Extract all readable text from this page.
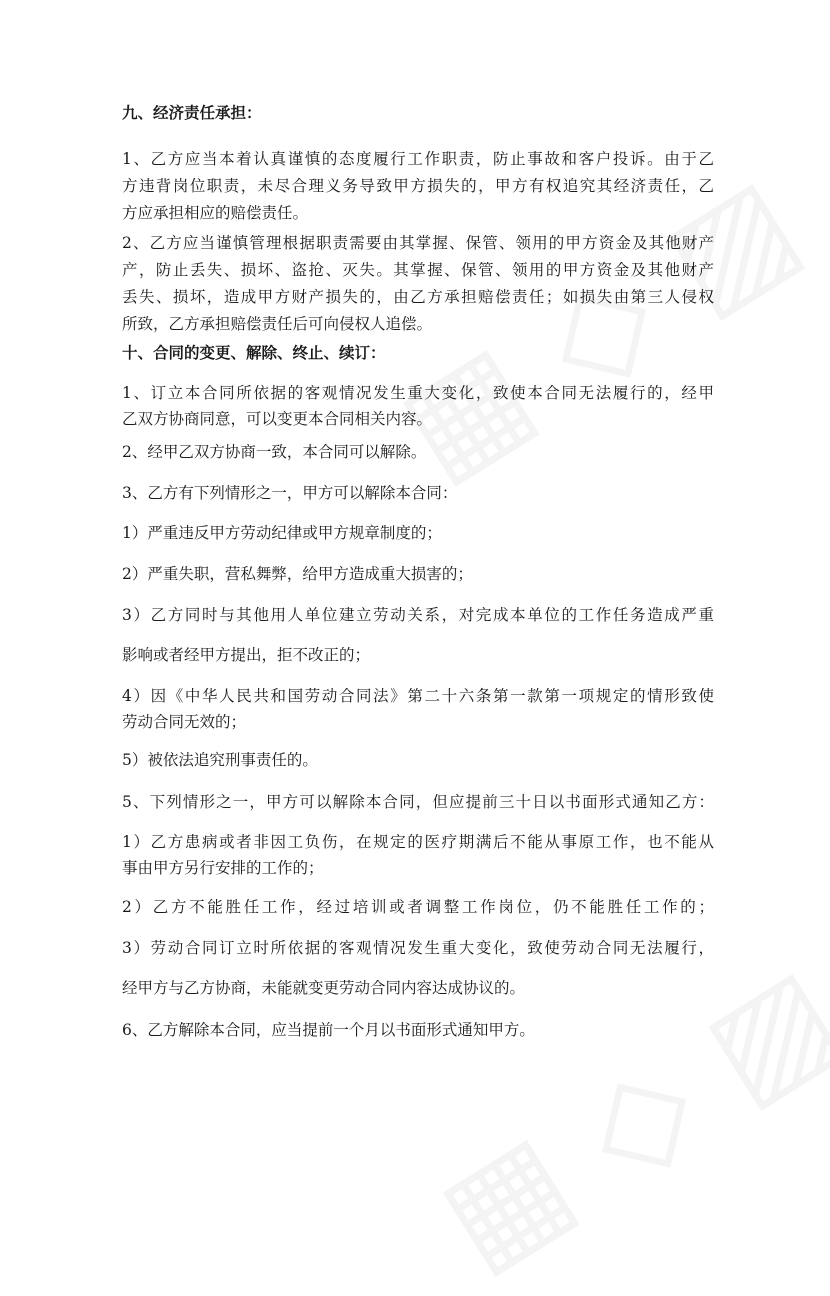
九、经济责任承担：
1、乙方应当本着认真谨慎的态度履行工作职责，防止事故和客户投诉。由于乙
方违背岗位职责，未尽合理义务导致甲方损失的，甲方有权追究其经济责任，乙
方应承担相应的赔偿责任。
2、乙方应当谨慎管理根据职责需要由其掌握、保管、领用的甲方资金及其他财产
产，防止丢失、损坏、盗抢、灭失。其掌握、保管、领用的甲方资金及其他财产
丢失、损坏，造成甲方财产损失的，由乙方承担赔偿责任；如损失由第三人侵权
所致，乙方承担赔偿责任后可向侵权人追偿。
十、合同的变更、解除、终止、续订：
1、订立本合同所依据的客观情况发生重大变化，致使本合同无法履行的，经甲
乙双方协商同意，可以变更本合同相关内容。
2、经甲乙双方协商一致，本合同可以解除。
3、乙方有下列情形之一，甲方可以解除本合同：
1）严重违反甲方劳动纪律或甲方规章制度的；
2）严重失职，营私舞弊，给甲方造成重大损害的；
3）乙方同时与其他用人单位建立劳动关系，对完成本单位的工作任务造成严重
影响或者经甲方提出，拒不改正的；
4）因《中华人民共和国劳动合同法》第二十六条第一款第一项规定的情形致使
劳动合同无效的；
5）被依法追究刑事责任的。
5、下列情形之一，甲方可以解除本合同，但应提前三十日以书面形式通知乙方：
1）乙方患病或者非因工负伤，在规定的医疗期满后不能从事原工作，也不能从
事由甲方另行安排的工作的；
2）乙方不能胜任工作，经过培训或者调整工作岗位，仍不能胜任工作的；
3）劳动合同订立时所依据的客观情况发生重大变化，致使劳动合同无法履行，
经甲方与乙方协商，未能就变更劳动合同内容达成协议的。
6、乙方解除本合同，应当提前一个月以书面形式通知甲方。
